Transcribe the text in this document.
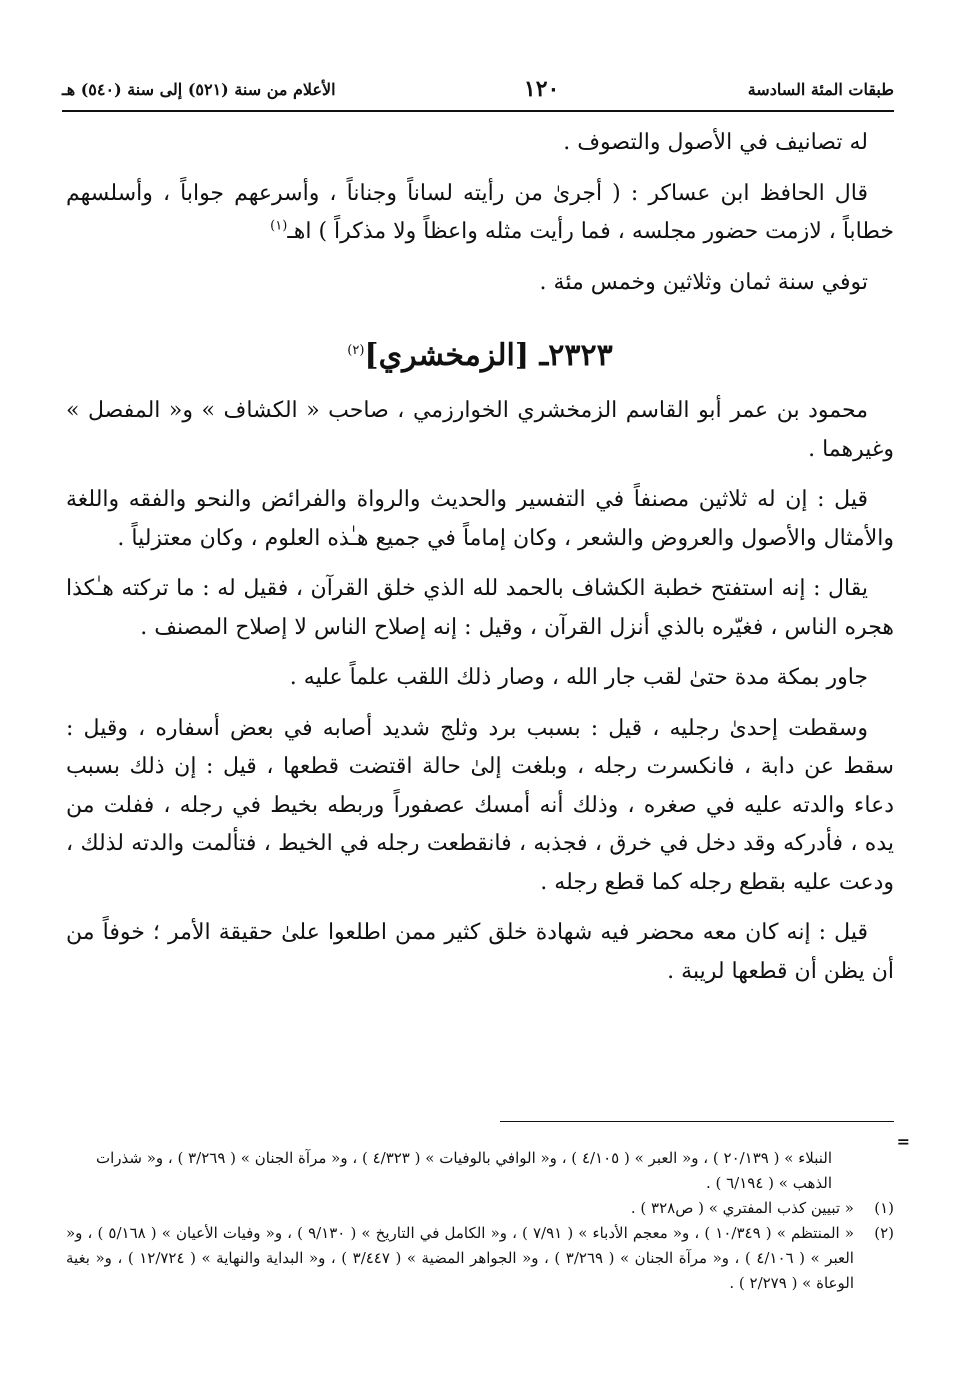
طبقات المئة السادسة
١٢٠
الأعلام من سنة (٥٢١) إلى سنة (٥٤٠) هـ

له تصانيف في الأصول والتصوف .

قال الحافظ ابن عساكر : ( أجرىٰ من رأيته لساناً وجناناً ، وأسرعهم جواباً ، وأسلسهم خطاباً ، لازمت حضور مجلسه ، فما رأيت مثله واعظاً ولا مذكراً ) اهـ$^{(١)}$

توفي سنة ثمان وثلاثين وخمس مئة .

٢٣٢٣ـ [الزمخشري]$^{(٢)}$

محمود بن عمر أبو القاسم الزمخشري الخوارزمي ، صاحب « الكشاف » و« المفصل » وغيرهما .

قيل : إن له ثلاثين مصنفاً في التفسير والحديث والرواة والفرائض والنحو والفقه واللغة والأمثال والأصول والعروض والشعر ، وكان إماماً في جميع هـٰذه العلوم ، وكان معتزلياً .

يقال : إنه استفتح خطبة الكشاف بالحمد لله الذي خلق القرآن ، فقيل له : ما تركته هـٰكذا هجره الناس ، فغيّره بالذي أنزل القرآن ، وقيل : إنه إصلاح الناس لا إصلاح المصنف .

جاور بمكة مدة حتىٰ لقب جار الله ، وصار ذلك اللقب علماً عليه .

وسقطت إحدىٰ رجليه ، قيل : بسبب برد وثلج شديد أصابه في بعض أسفاره ، وقيل : سقط عن دابة ، فانكسرت رجله ، وبلغت إلىٰ حالة اقتضت قطعها ، قيل : إن ذلك بسبب دعاء والدته عليه في صغره ، وذلك أنه أمسك عصفوراً وربطه بخيط في رجله ، ففلت من يده ، فأدركه وقد دخل في خرق ، فجذبه ، فانقطعت رجله في الخيط ، فتألمت والدته لذلك ، ودعت عليه بقطع رجله كما قطع رجله .

قيل : إنه كان معه محضر فيه شهادة خلق كثير ممن اطلعوا علىٰ حقيقة الأمر ؛ خوفاً من أن يظن أن قطعها لريبة .

=
النبلاء » ( ٢٠/١٣٩ ) ، و« العبر » ( ٤/١٠٥ ) ، و« الوافي بالوفيات » ( ٤/٣٢٣ ) ، و« مرآة الجنان » ( ٣/٢٦٩ ) ، و« شذرات الذهب » ( ٦/١٩٤ ) .
(١)
« تبيين كذب المفتري » ( ص٣٢٨ ) .
(٢)
« المنتظم » ( ١٠/٣٤٩ ) ، و« معجم الأدباء » ( ٧/٩١ ) ، و« الكامل في التاريخ » ( ٩/١٣٠ ) ، و« وفيات الأعيان » ( ٥/١٦٨ ) ، و« العبر » ( ٤/١٠٦ ) ، و« مرآة الجنان » ( ٣/٢٦٩ ) ، و« الجواهر المضية » ( ٣/٤٤٧ ) ، و« البداية والنهاية » ( ١٢/٧٢٤ ) ، و« بغية الوعاة » ( ٢/٢٧٩ ) .
